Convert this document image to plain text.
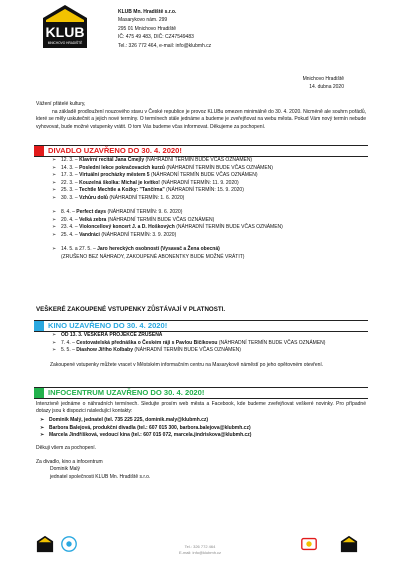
KLUB
MNICHOVO HRADIŠTĚ
KLUB Mn. Hradiště s.r.o.
Masarykovo nám. 299
295 01 Mnichovo Hradiště
IČ: 475 49 483, DIČ: CZ47549483
Tel.: 326 772 464, e-mail: info@klubmh.cz
Mnichovo Hradiště
14. dubna 2020
Vážení přátelé kultury,
na základě prodloužení nouzového stavu v České republice je provoz KLUBu omezen minimálně do 30. 4. 2020. Nicméně ale souhrn pořádů, které se měly uskutečnit a jejich nové termíny. O termínech stále jednáme a budeme je zveřejňovat na webu města. Pokud Vám nový termín nebude vyhovovat, bude možné vstupenky vrátit. O tom Vás budeme včas informovat. Děkujeme za pochopení.
DIVADLO UZAVŘENO DO 30. 4. 2020!
➢ 12. 3. – Klavírní recitál Jana Čmejly (NÁHRADNÍ TERMÍN BUDE VČAS OZNÁMEN)
➢ 14. 3. – Poslední lekce pokračovacích kurzů (NÁHRADNÍ TERMÍN BUDE VČAS OZNÁMEN)
➢ 17. 3. – Virtuální procházky městem 5 (NÁHRADNÍ TERMÍN BUDE VČAS OZNÁMEN)
➢ 22. 3. – Kouzelná školka: Michal je kvítko! (NÁHRADNÍ TERMÍN: 11. 9. 2020)
➢ 25. 3. – Techtle Mechtle a Kožky: "Tančírna" (NÁHRADNÍ TERMÍN: 15. 9. 2020)
➢ 30. 3. – Vzhůru dolů (NÁHRADNÍ TERMÍN: 1. 6. 2020)
➢ 8. 4. – Perfect days (NÁHRADNÍ TERMÍN: 9. 6. 2020)
➢ 20. 4. – Velká zebra (NÁHRADNÍ TERMÍN BUDE VČAS OZNÁMEN)
➢ 23. 4. – Violoncellový koncert J. a D. Hoškových (NÁHRADNÍ TERMÍN BUDE VČAS OZNÁMEN)
➢ 25. 4. – Vandráci (NÁHRADNÍ TERMÍN: 3. 9. 2020)
➢ 14. 5. a 27. 5. – Jaro hereckých osobností (Vysavač a Žena obecná)
(ZRUŠENO BEZ NÁHRADY, ZAKOUPENÉ ABONENTKY BUDE MOŽNÉ VRÁTIT)
VEŠKERÉ ZAKOUPENÉ VSTUPENKY ZŮSTÁVAJÍ V PLATNOSTI.
KINO UZAVŘENO DO 30. 4. 2020!
➢ OD 13. 3. VEŠKERÁ PROJEKCE ZRUŠENA
➢ 7. 4. – Cestovatelská přednáška o Českém ráji s Pavlou Bičíkovou (NÁHRADNÍ TERMÍN BUDE VČAS OZNÁMEN)
➢ 5. 5. – Diashow Jiřího Kolbaby (NÁHRADNÍ TERMÍN BUDE VČAS OZNÁMEN)
Zakoupené vstupenky můžete vracet v Městském informačním centru na Masarykově náměstí po jeho opětovném otevření.
INFOCENTRUM UZAVŘENO DO 30. 4. 2020!
Intenzivně jednáme o náhradních termínech. Sledujte prosím web města a Facebook, kde budeme zveřejňovat veškeré novinky. Pro případné dotazy jsou k dispozici následující kontakty:
➢ Dominik Malý, jednatel (tel. 735 225 225, dominik.maly@klubmh.cz)
➢ Barbora Balejová, produkční divadla (tel.: 607 015 300, barbora.balejova@klubmh.cz)
➢ Marcela Jindříšková, vedoucí kina (tel.: 607 015 072, marcela.jindriskova@klubmh.cz)
Děkuji všem za pochopení.
Za divadlo, kino a infocentrum
Dominik Malý
jednatel společnosti KLUB Mn. Hradiště s.r.o.
Tel.: 326 772 464
E-mail: info@klubmh.cz
